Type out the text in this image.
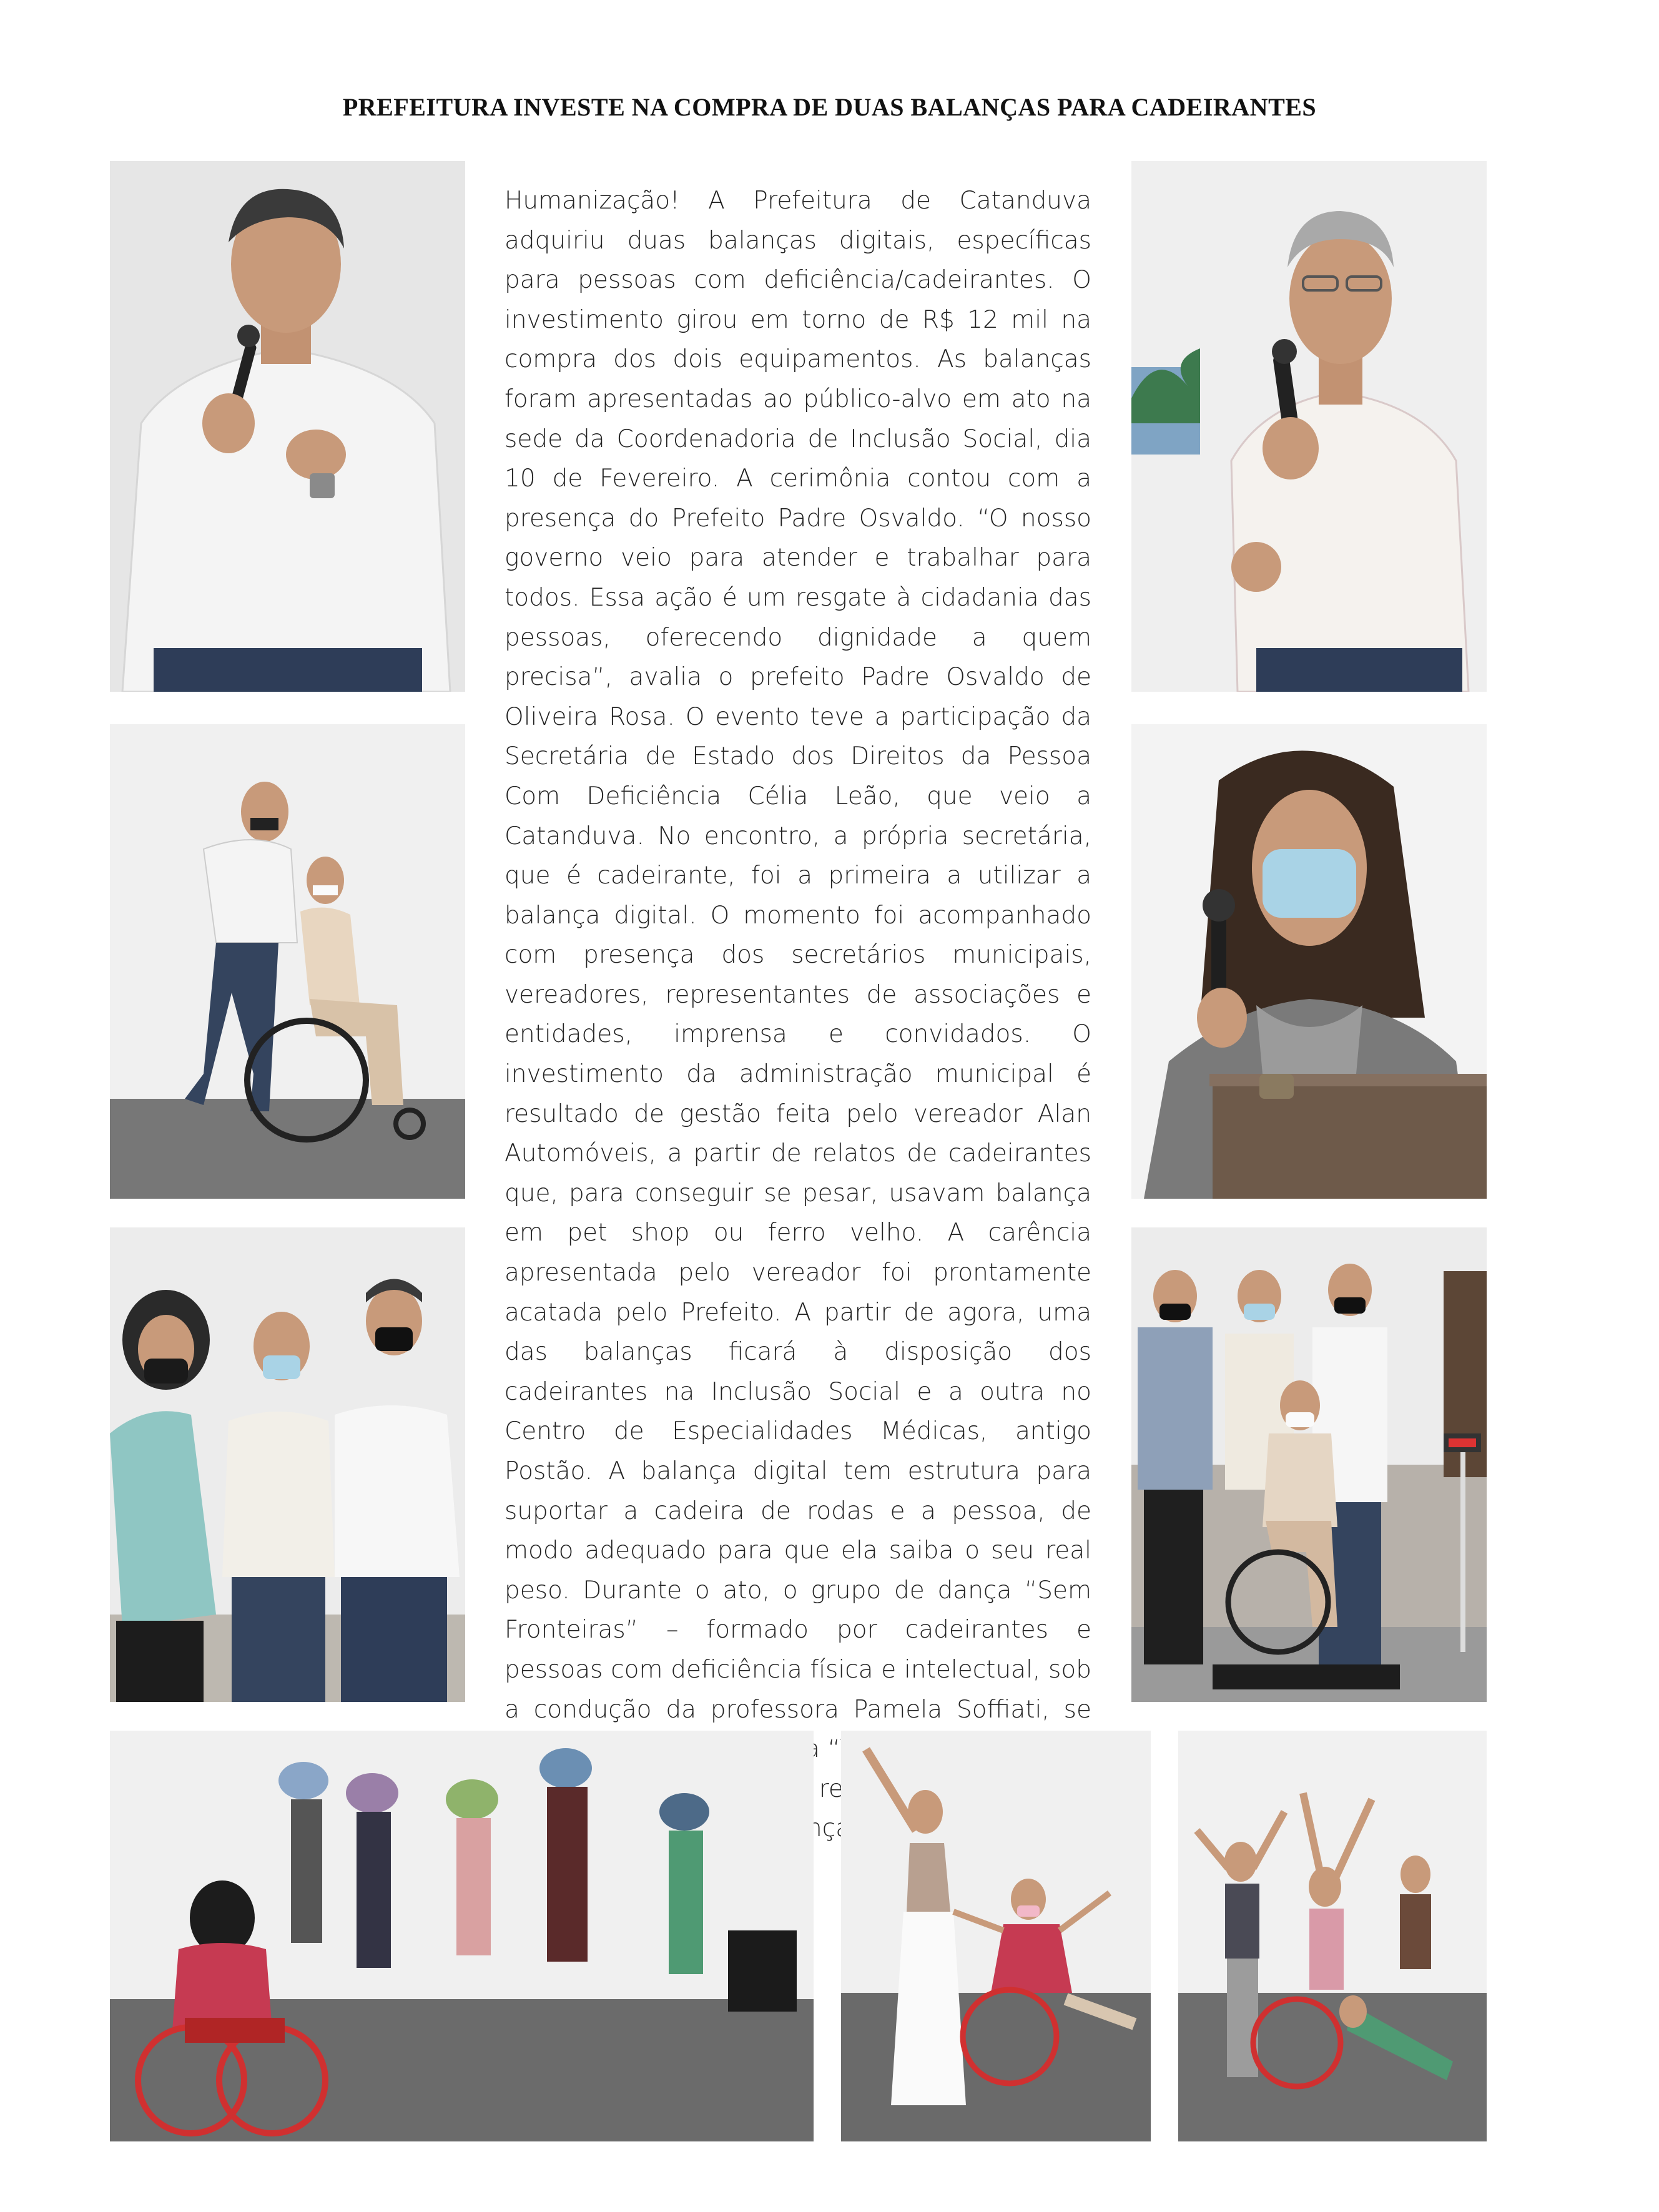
PREFEITURA INVESTE NA COMPRA DE DUAS BALANÇAS PARA CADEIRANTES

Humanização! A Prefeitura de Catanduva adquiriu duas balanças digitais, específicas para pessoas com deficiência/cadeirantes. O investimento girou em torno de R$ 12 mil na compra dos dois equipamentos. As balanças foram apresentadas ao público-alvo em ato na sede da Coordenadoria de Inclusão Social, dia 10 de Fevereiro. A cerimônia contou com a presença do Prefeito Padre Osvaldo. “O nosso governo veio para atender e trabalhar para todos. Essa ação é um resgate à cidadania das pessoas, oferecendo dignidade a quem precisa”, avalia o prefeito Padre Osvaldo de Oliveira Rosa. O evento teve a participação da Secretária de Estado dos Direitos da Pessoa Com Deficiência Célia Leão, que veio a Catanduva. No encontro, a própria secretária, que é cadeirante, foi a primeira a utilizar a balança digital. O momento foi acompanhado com presença dos secretários municipais, vereadores, representantes de associações e entidades, imprensa e convidados. O investimento da administração municipal é resultado de gestão feita pelo vereador Alan Automóveis, a partir de relatos de cadeirantes que, para conseguir se pesar, usavam balança em pet shop ou ferro velho. A carência apresentada pelo vereador foi prontamente acatada pelo Prefeito. A partir de agora, uma das balanças ficará à disposição dos cadeirantes na Inclusão Social e a outra no Centro de Especialidades Médicas, antigo Postão. A balança digital tem estrutura para suportar a cadeira de rodas e a pessoa, de modo adequado para que ela saiba o seu real peso. Durante o ato, o grupo de dança “Sem Fronteiras” – formado por cadeirantes e pessoas com deficiência física e intelectual, sob a condução da professora Pamela Soffiati, se dança.
